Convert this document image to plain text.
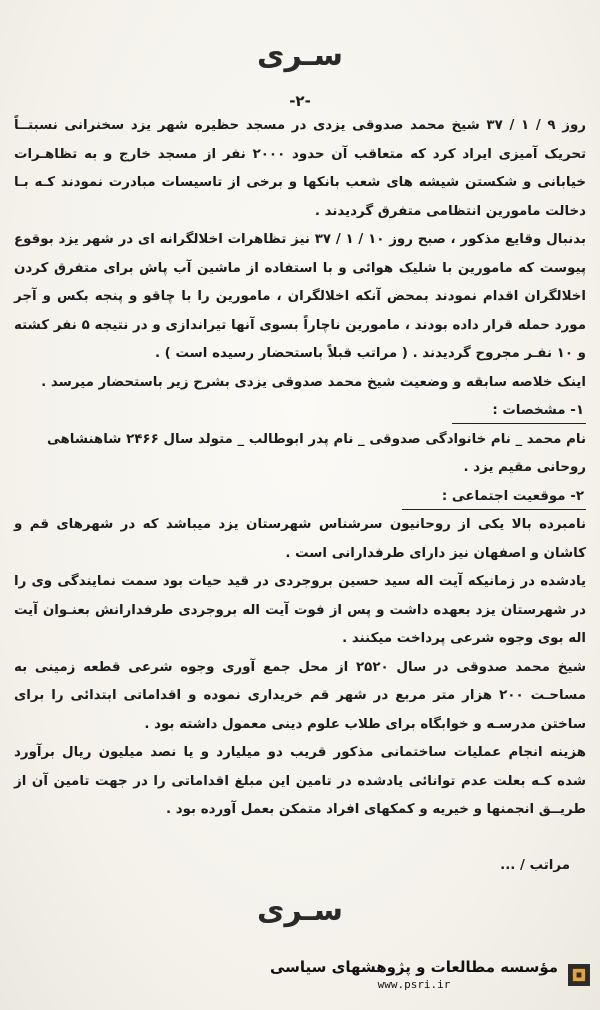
سـری
-۲-

روز ۹ / ۱ / ۳۷ شیخ محمد صدوقی یزدی در مسجد حظیره شهر یزد سخنرانی نسبتــاً تحریک آمیزی ایراد کرد که متعاقب آن حدود ۲۰۰۰ نفر از مسجد خارج و به تظاهـرات خیابانی و شکستن شیشه های شعب بانکها و برخی از تاسیسات مبادرت نمودند کـه بـا دخالت مامورین انتظامی متفرق گردیدند .

بدنبال وقایع مذکور ، صبح روز ۱۰ / ۱ / ۳۷ نیز تظاهرات اخلالگرانه ای در شهر یزد بوقوع پیوست که مامورین با شلیک هوائی و با استفاده از ماشین آب پاش برای متفرق کردن اخلالگران اقدام نمودند بمحض آنکه اخلالگران ، مامورین را با چاقو و پنجه بکس و آجر مورد حمله قرار داده بودند ، مامورین ناچاراً بسوی آنها تیراندازی و در نتیجه ۵ نفر کشته و ۱۰ نفـر مجروح گردیدند . ( مراتب قبلاً باستحضار رسیده است ) .

اینک خلاصه سابقه و وضعیت شیخ محمد صدوقی یزدی بشرح زیر باستحضار میرسد .

۱- مشخصات :

نام محمد _ نام خانوادگی صدوقی _ نام پدر ابوطالب _ متولد سال ۲۴۶۶ شاهنشاهی

روحانی مقیم یزد .

۲- موقعیت اجتماعی :

نامبرده بالا یکی از روحانیون سرشناس شهرستان یزد میباشد که در شهرهای قم و کاشان و اصفهان نیز دارای طرفدارانی است .

یادشده در زمانیکه آیت اله سید حسین بروجردی در قید حیات بود سمت نمایندگی وی را در شهرستان یزد بعهده داشت و پس از فوت آیت اله بروجردی طرفدارانش بعنـوان آیت اله بوی وجوه شرعی پرداخت میکنند .

شیخ محمد صدوقی در سال ۲۵۲۰ از محل جمع آوری وجوه شرعی قطعه زمینی به مساحـت ۲۰۰ هزار متر مربع در شهر قم خریداری نموده و اقداماتی ابتدائی را برای ساختن مدرسـه و خوابگاه برای طلاب علوم دینی معمول داشته بود .

هزینه انجام عملیات ساختمانی مذکور قریب دو میلیارد و یا نصد میلیون ریال برآورد شده کـه بعلت عدم توانائی یادشده در تامین این مبلغ اقداماتی را در جهت تامین آن از طریــق انجمنها و خیریه و کمکهای افراد متمکن بعمل آورده بود .

مراتب / ...
سـری
مؤسسه مطالعات و پژوهشهای سیاسی
www.psri.ir
